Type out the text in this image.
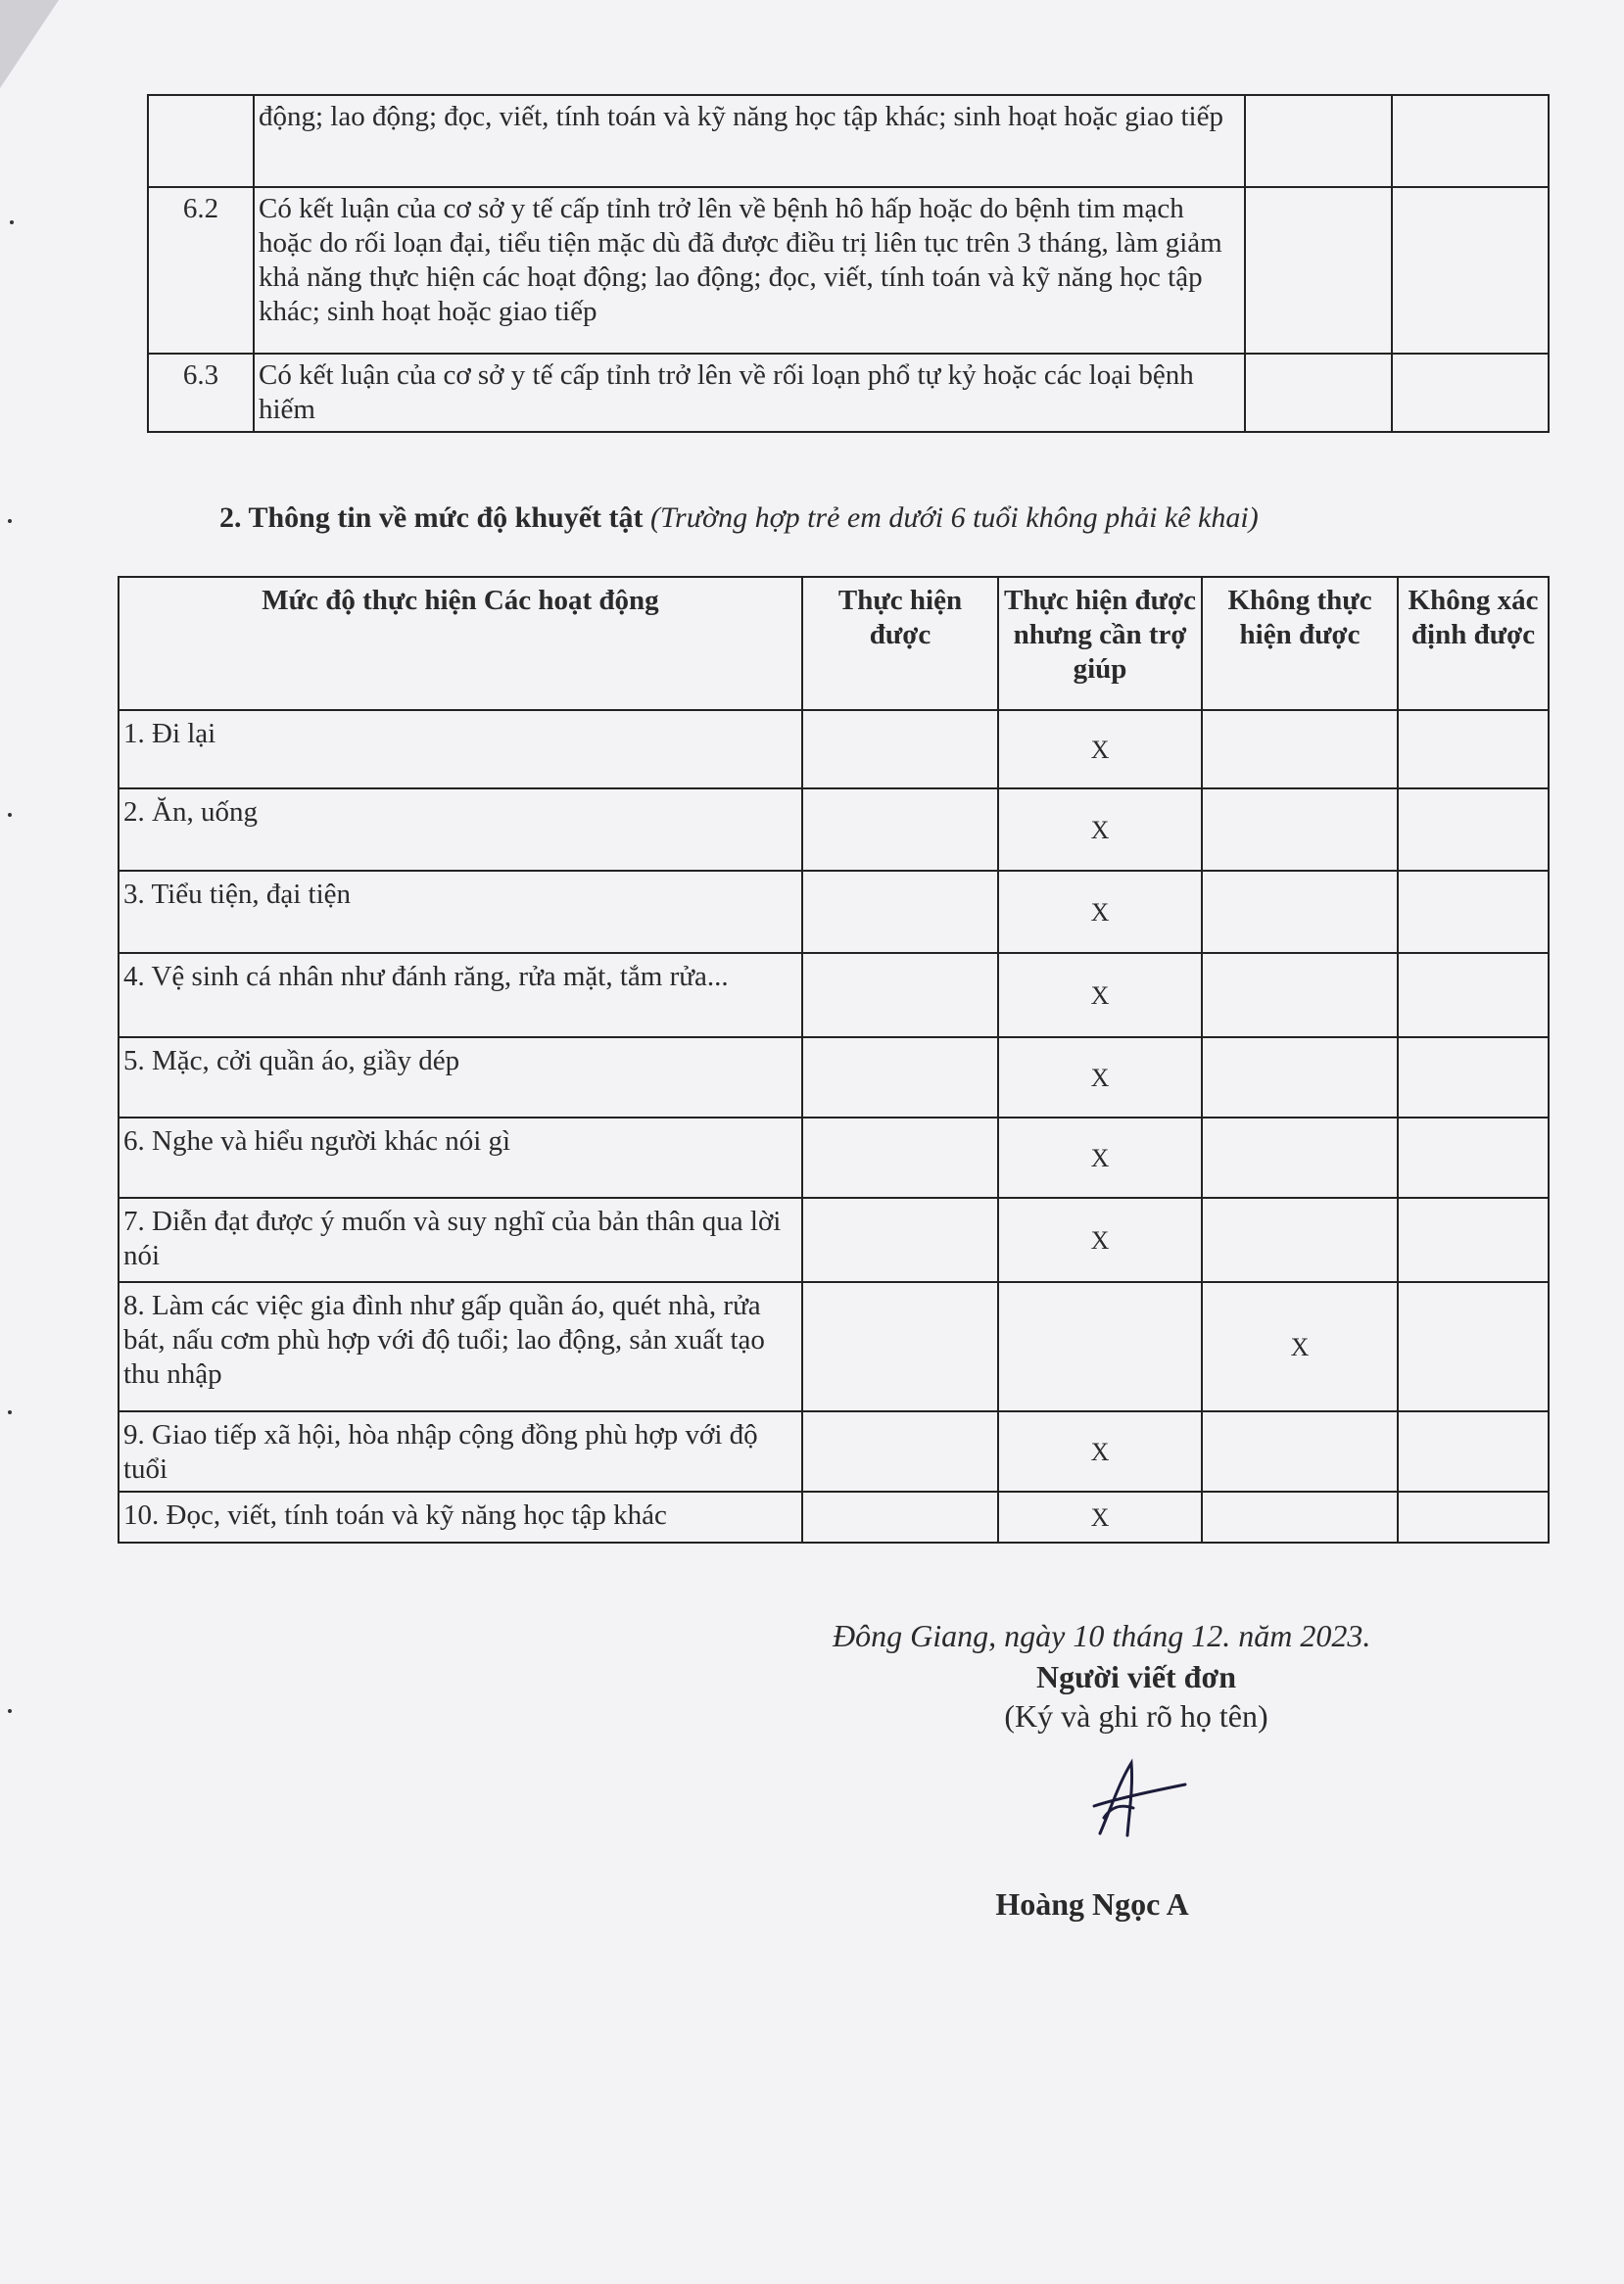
	động; lao động; đọc, viết, tính toán và kỹ năng học tập khác; sinh hoạt hoặc giao tiếp		
6.2	Có kết luận của cơ sở y tế cấp tỉnh trở lên về bệnh hô hấp hoặc do bệnh tim mạch hoặc do rối loạn đại, tiểu tiện mặc dù đã được điều trị liên tục trên 3 tháng, làm giảm khả năng thực hiện các hoạt động; lao động; đọc, viết, tính toán và kỹ năng học tập khác; sinh hoạt hoặc giao tiếp		
6.3	Có kết luận của cơ sở y tế cấp tỉnh trở lên về rối loạn phổ tự kỷ hoặc các loại bệnh hiếm		
2. Thông tin về mức độ khuyết tật (Trường hợp trẻ em dưới 6 tuổi không phải kê khai)
Mức độ thực hiện Các hoạt động	Thực hiện được	Thực hiện được nhưng cần trợ giúp	Không thực hiện được	Không xác định được
1. Đi lại		X		
2. Ăn, uống		X		
3. Tiểu tiện, đại tiện		X		
4. Vệ sinh cá nhân như đánh răng, rửa mặt, tắm rửa...		X		
5. Mặc, cởi quần áo, giầy dép		X		
6. Nghe và hiểu người khác nói gì		X		
7. Diễn đạt được ý muốn và suy nghĩ của bản thân qua lời nói		X		
8. Làm các việc gia đình như gấp quần áo, quét nhà, rửa bát, nấu cơm phù hợp với độ tuổi; lao động, sản xuất tạo thu nhập			X	
9. Giao tiếp xã hội, hòa nhập cộng đồng phù hợp với độ tuổi		X		
10. Đọc, viết, tính toán và kỹ năng học tập khác		X		
Đông Giang, ngày 10 tháng 12. năm 2023.
Người viết đơn
(Ký và ghi rõ họ tên)
Hoàng Ngọc A
